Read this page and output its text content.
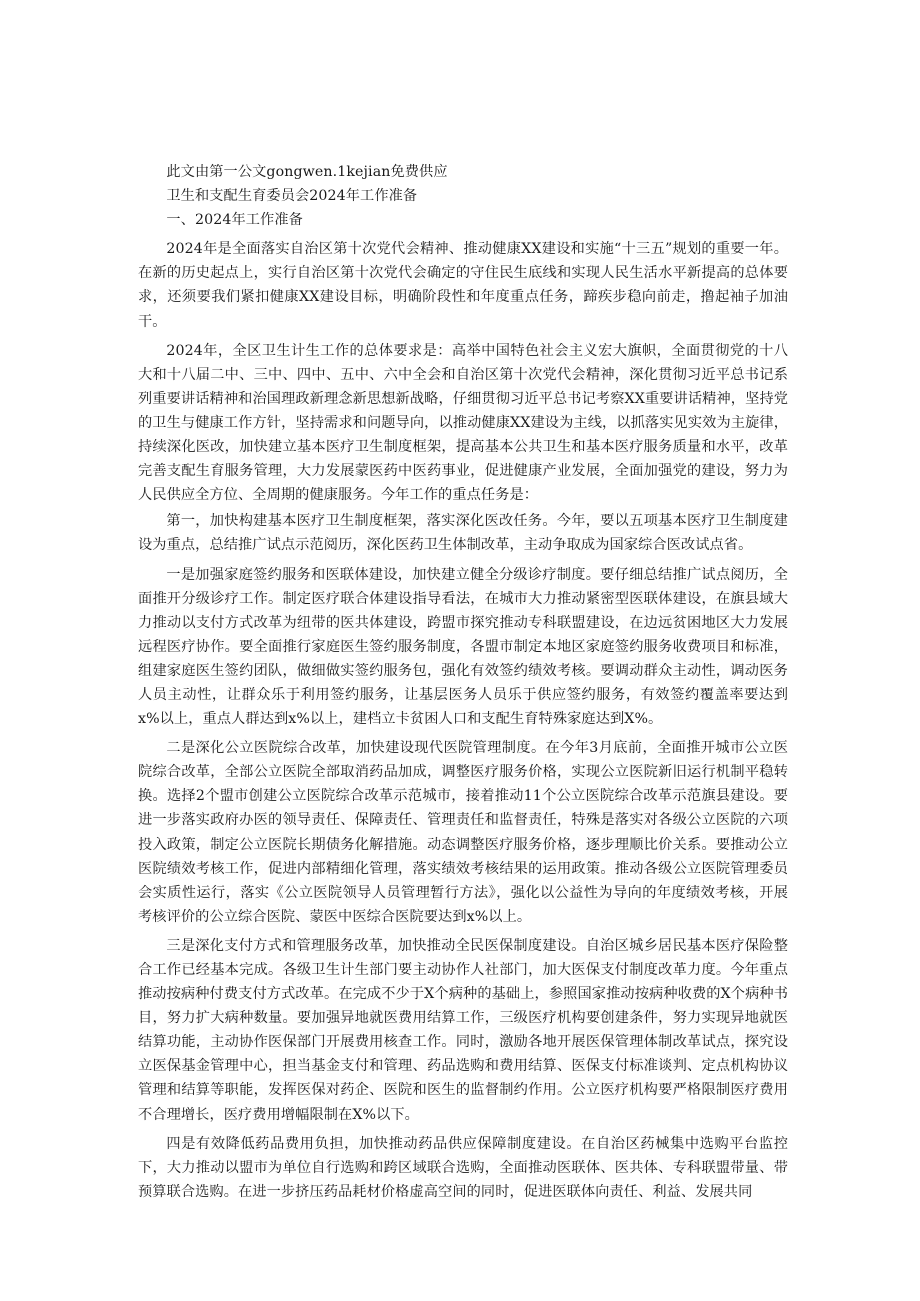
此文由第一公文gongwen.1kejian免费供应

卫生和支配生育委员会2024年工作准备

一、2024年工作准备

2024年是全面落实自治区第十次党代会精神、推动健康XX建设和实施“十三五”规划的重要一年。在新的历史起点上，实行自治区第十次党代会确定的守住民生底线和实现人民生活水平新提高的总体要求，还须要我们紧扣健康XX建设目标，明确阶段性和年度重点任务，蹄疾步稳向前走，撸起袖子加油干。

2024年，全区卫生计生工作的总体要求是：高举中国特色社会主义宏大旗帜，全面贯彻党的十八大和十八届二中、三中、四中、五中、六中全会和自治区第十次党代会精神，深化贯彻习近平总书记系列重要讲话精神和治国理政新理念新思想新战略，仔细贯彻习近平总书记考察XX重要讲话精神，坚持党的卫生与健康工作方针，坚持需求和问题导向，以推动健康XX建设为主线，以抓落实见实效为主旋律，持续深化医改，加快建立基本医疗卫生制度框架，提高基本公共卫生和基本医疗服务质量和水平，改革完善支配生育服务管理，大力发展蒙医药中医药事业，促进健康产业发展，全面加强党的建设，努力为人民供应全方位、全周期的健康服务。今年工作的重点任务是：

第一，加快构建基本医疗卫生制度框架，落实深化医改任务。今年，要以五项基本医疗卫生制度建设为重点，总结推广试点示范阅历，深化医药卫生体制改革，主动争取成为国家综合医改试点省。

一是加强家庭签约服务和医联体建设，加快建立健全分级诊疗制度。要仔细总结推广试点阅历，全面推开分级诊疗工作。制定医疗联合体建设指导看法，在城市大力推动紧密型医联体建设，在旗县域大力推动以支付方式改革为纽带的医共体建设，跨盟市探究推动专科联盟建设，在边远贫困地区大力发展远程医疗协作。要全面推行家庭医生签约服务制度，各盟市制定本地区家庭签约服务收费项目和标准，组建家庭医生签约团队，做细做实签约服务包，强化有效签约绩效考核。要调动群众主动性，调动医务人员主动性，让群众乐于利用签约服务，让基层医务人员乐于供应签约服务，有效签约覆盖率要达到x%以上，重点人群达到x%以上，建档立卡贫困人口和支配生育特殊家庭达到X%。

二是深化公立医院综合改革，加快建设现代医院管理制度。在今年3月底前，全面推开城市公立医院综合改革，全部公立医院全部取消药品加成，调整医疗服务价格，实现公立医院新旧运行机制平稳转换。选择2个盟市创建公立医院综合改革示范城市，接着推动11个公立医院综合改革示范旗县建设。要进一步落实政府办医的领导责任、保障责任、管理责任和监督责任，特殊是落实对各级公立医院的六项投入政策，制定公立医院长期债务化解措施。动态调整医疗服务价格，逐步理顺比价关系。要推动公立医院绩效考核工作，促进内部精细化管理，落实绩效考核结果的运用政策。推动各级公立医院管理委员会实质性运行，落实《公立医院领导人员管理暂行方法》，强化以公益性为导向的年度绩效考核，开展考核评价的公立综合医院、蒙医中医综合医院要达到x%以上。

三是深化支付方式和管理服务改革，加快推动全民医保制度建设。自治区城乡居民基本医疗保险整合工作已经基本完成。各级卫生计生部门要主动协作人社部门，加大医保支付制度改革力度。今年重点推动按病种付费支付方式改革。在完成不少于X个病种的基础上，参照国家推动按病种收费的X个病种书目，努力扩大病种数量。要加强异地就医费用结算工作，三级医疗机构要创建条件，努力实现异地就医结算功能，主动协作医保部门开展费用核查工作。同时，激励各地开展医保管理体制改革试点，探究设立医保基金管理中心，担当基金支付和管理、药品选购和费用结算、医保支付标准谈判、定点机构协议管理和结算等职能，发挥医保对药企、医院和医生的监督制约作用。公立医疗机构要严格限制医疗费用不合理增长，医疗费用增幅限制在X%以下。

四是有效降低药品费用负担，加快推动药品供应保障制度建设。在自治区药械集中选购平台监控下，大力推动以盟市为单位自行选购和跨区域联合选购，全面推动医联体、医共体、专科联盟带量、带预算联合选购。在进一步挤压药品耗材价格虚高空间的同时，促进医联体向责任、利益、发展共同
